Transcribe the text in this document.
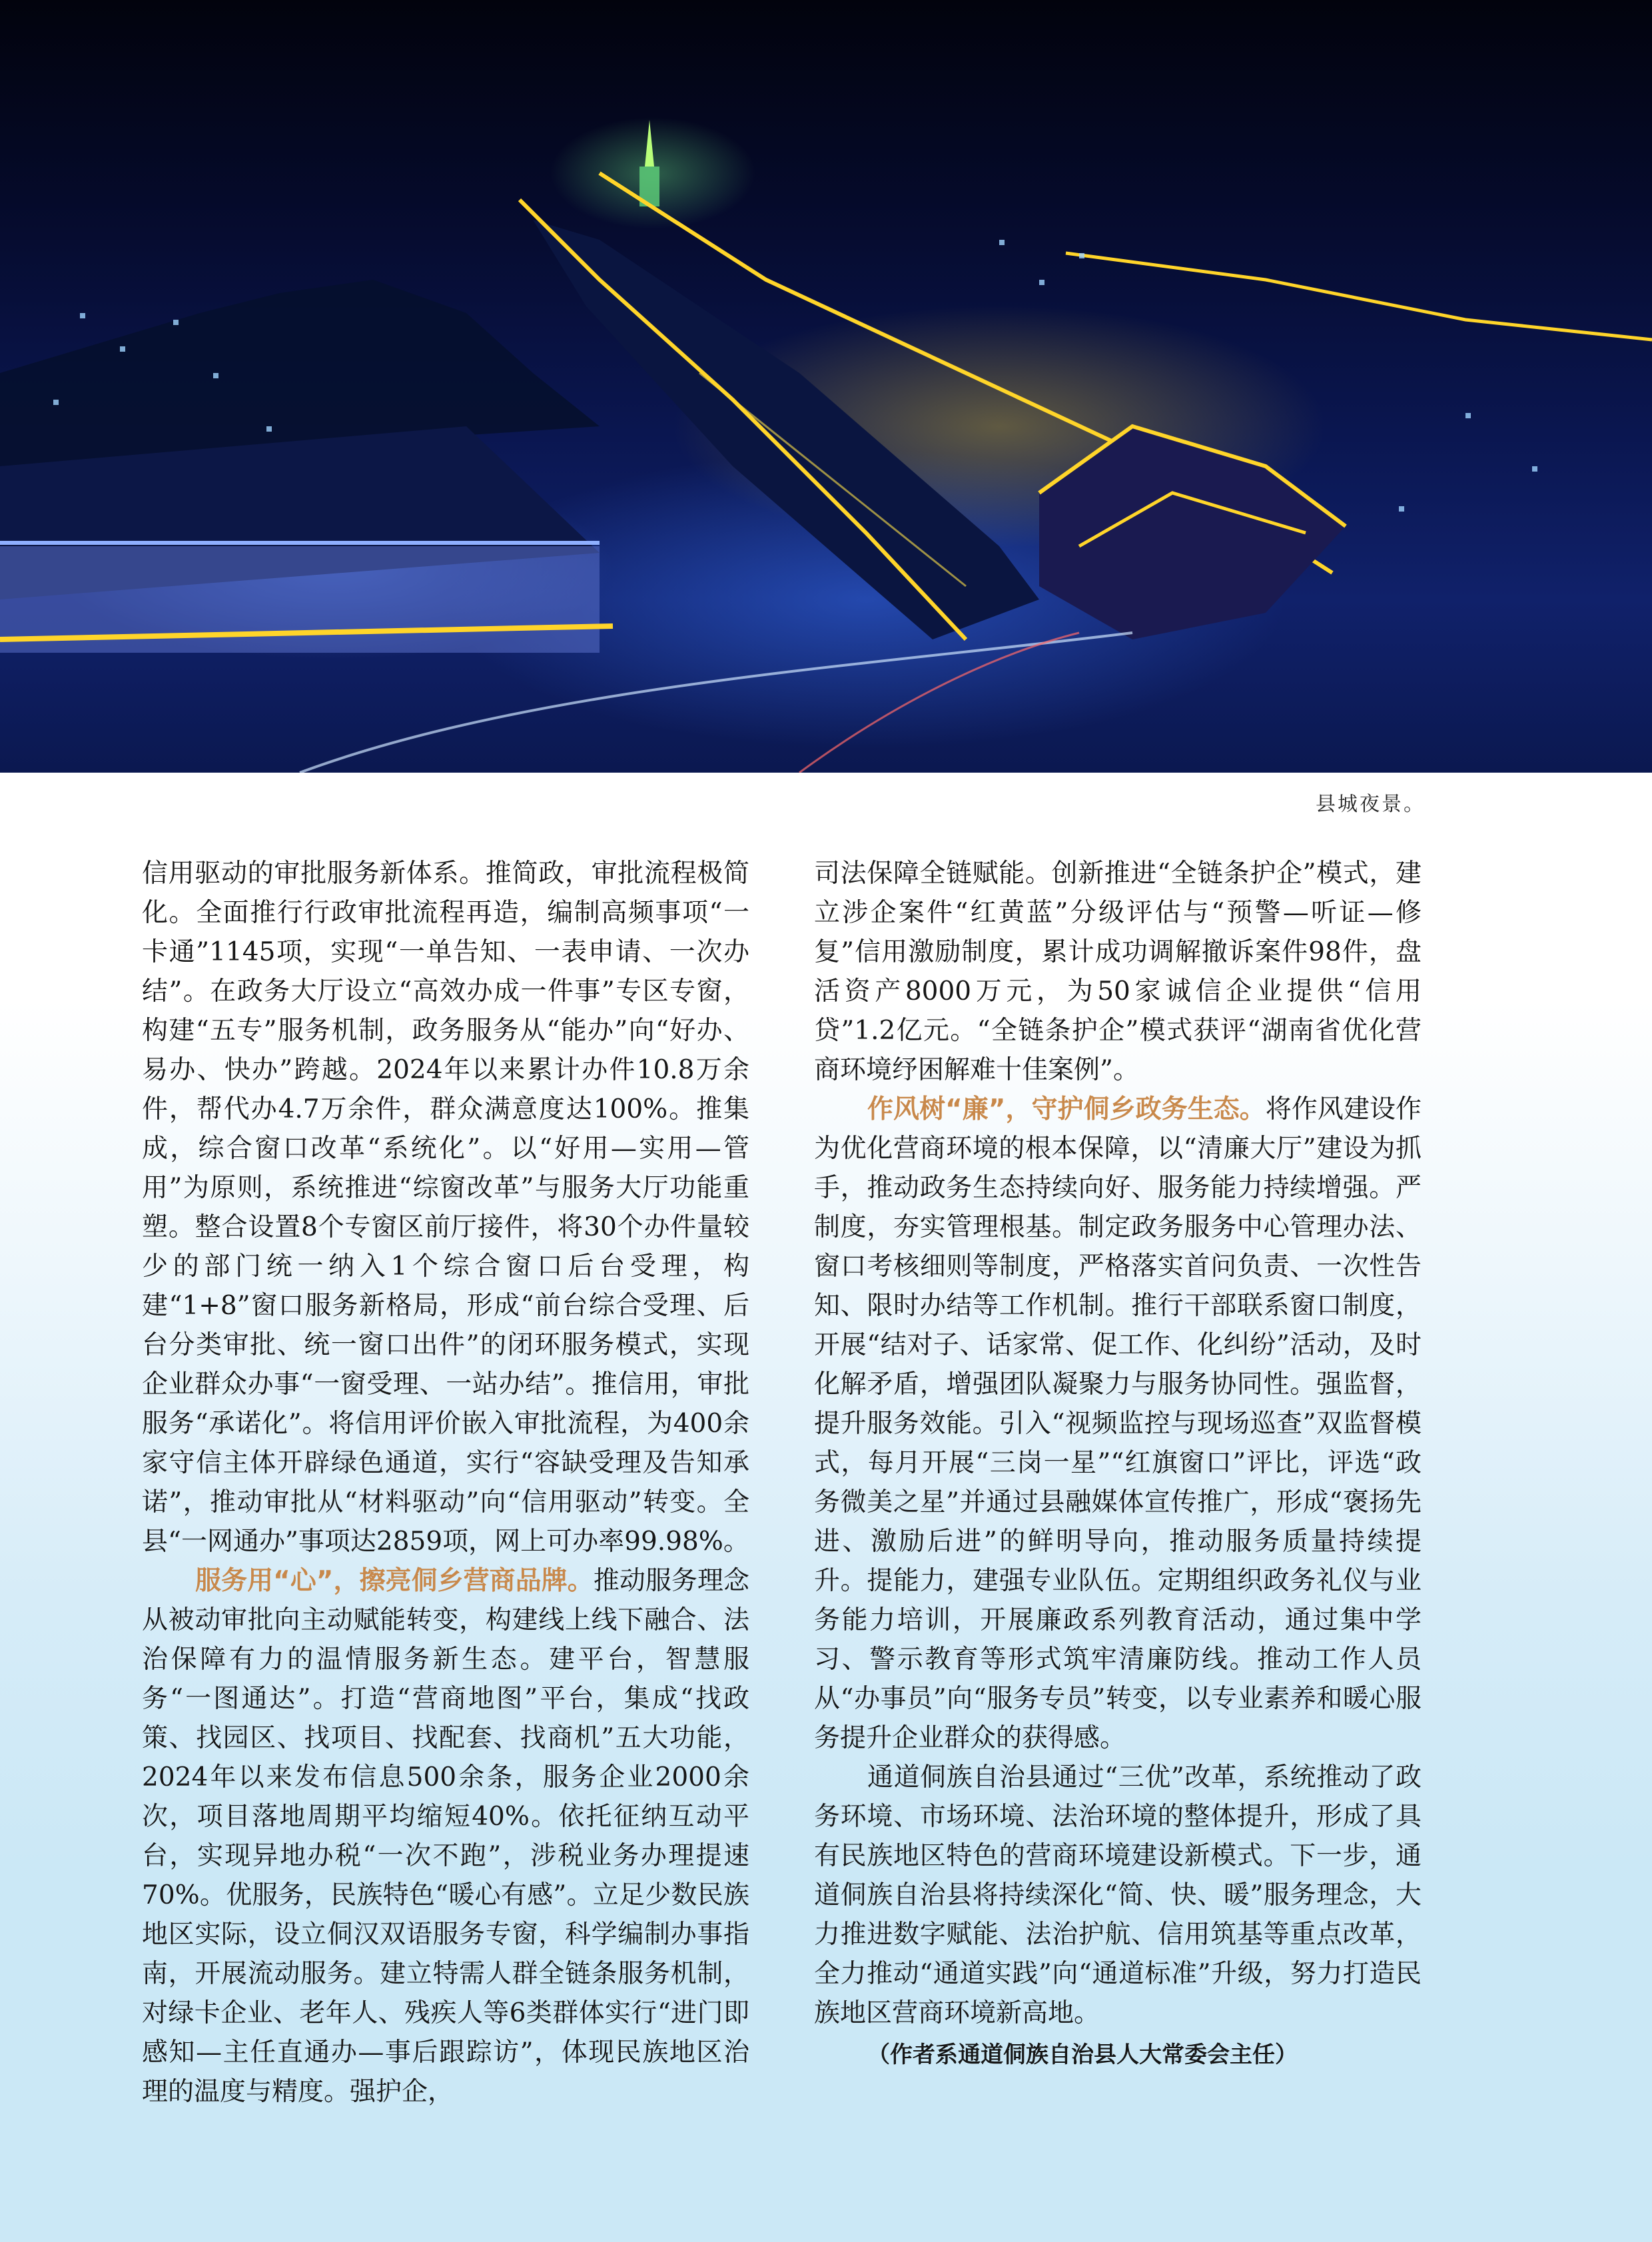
县城夜景。

信用驱动的审批服务新体系。推简政，审批流程极简化。全面推行行政审批流程再造，编制高频事项“一卡通”1145项，实现“一单告知、一表申请、一次办结”。在政务大厅设立“高效办成一件事”专区专窗，构建“五专”服务机制，政务服务从“能办”向“好办、易办、快办”跨越。2024年以来累计办件10.8万余件，帮代办4.7万余件，群众满意度达100%。推集成，综合窗口改革“系统化”。以“好用—实用—管用”为原则，系统推进“综窗改革”与服务大厅功能重塑。整合设置8个专窗区前厅接件，将30个办件量较少的部门统一纳入1个综合窗口后台受理，构建“1+8”窗口服务新格局，形成“前台综合受理、后台分类审批、统一窗口出件”的闭环服务模式，实现企业群众办事“一窗受理、一站办结”。推信用，审批服务“承诺化”。将信用评价嵌入审批流程，为400余家守信主体开辟绿色通道，实行“容缺受理及告知承诺”，推动审批从“材料驱动”向“信用驱动”转变。全县“一网通办”事项达2859项，网上可办率99.98%。

服务用“心”，擦亮侗乡营商品牌。推动服务理念从被动审批向主动赋能转变，构建线上线下融合、法治保障有力的温情服务新生态。建平台，智慧服务“一图通达”。打造“营商地图”平台，集成“找政策、找园区、找项目、找配套、找商机”五大功能，2024年以来发布信息500余条，服务企业2000余次，项目落地周期平均缩短40%。依托征纳互动平台，实现异地办税“一次不跑”，涉税业务办理提速70%。优服务，民族特色“暖心有感”。立足少数民族地区实际，设立侗汉双语服务专窗，科学编制办事指南，开展流动服务。建立特需人群全链条服务机制，对绿卡企业、老年人、残疾人等6类群体实行“进门即感知—主任直通办—事后跟踪访”，体现民族地区治理的温度与精度。强护企，

司法保障全链赋能。创新推进“全链条护企”模式，建立涉企案件“红黄蓝”分级评估与“预警—听证—修复”信用激励制度，累计成功调解撤诉案件98件，盘活资产8000万元，为50家诚信企业提供“信用贷”1.2亿元。“全链条护企”模式获评“湖南省优化营商环境纾困解难十佳案例”。

作风树“廉”，守护侗乡政务生态。将作风建设作为优化营商环境的根本保障，以“清廉大厅”建设为抓手，推动政务生态持续向好、服务能力持续增强。严制度，夯实管理根基。制定政务服务中心管理办法、窗口考核细则等制度，严格落实首问负责、一次性告知、限时办结等工作机制。推行干部联系窗口制度，开展“结对子、话家常、促工作、化纠纷”活动，及时化解矛盾，增强团队凝聚力与服务协同性。强监督，提升服务效能。引入“视频监控与现场巡查”双监督模式，每月开展“三岗一星”“红旗窗口”评比，评选“政务微美之星”并通过县融媒体宣传推广，形成“褒扬先进、激励后进”的鲜明导向，推动服务质量持续提升。提能力，建强专业队伍。定期组织政务礼仪与业务能力培训，开展廉政系列教育活动，通过集中学习、警示教育等形式筑牢清廉防线。推动工作人员从“办事员”向“服务专员”转变，以专业素养和暖心服务提升企业群众的获得感。

通道侗族自治县通过“三优”改革，系统推动了政务环境、市场环境、法治环境的整体提升，形成了具有民族地区特色的营商环境建设新模式。下一步，通道侗族自治县将持续深化“简、快、暖”服务理念，大力推进数字赋能、法治护航、信用筑基等重点改革，全力推动“通道实践”向“通道标准”升级，努力打造民族地区营商环境新高地。

（作者系通道侗族自治县人大常委会主任）
